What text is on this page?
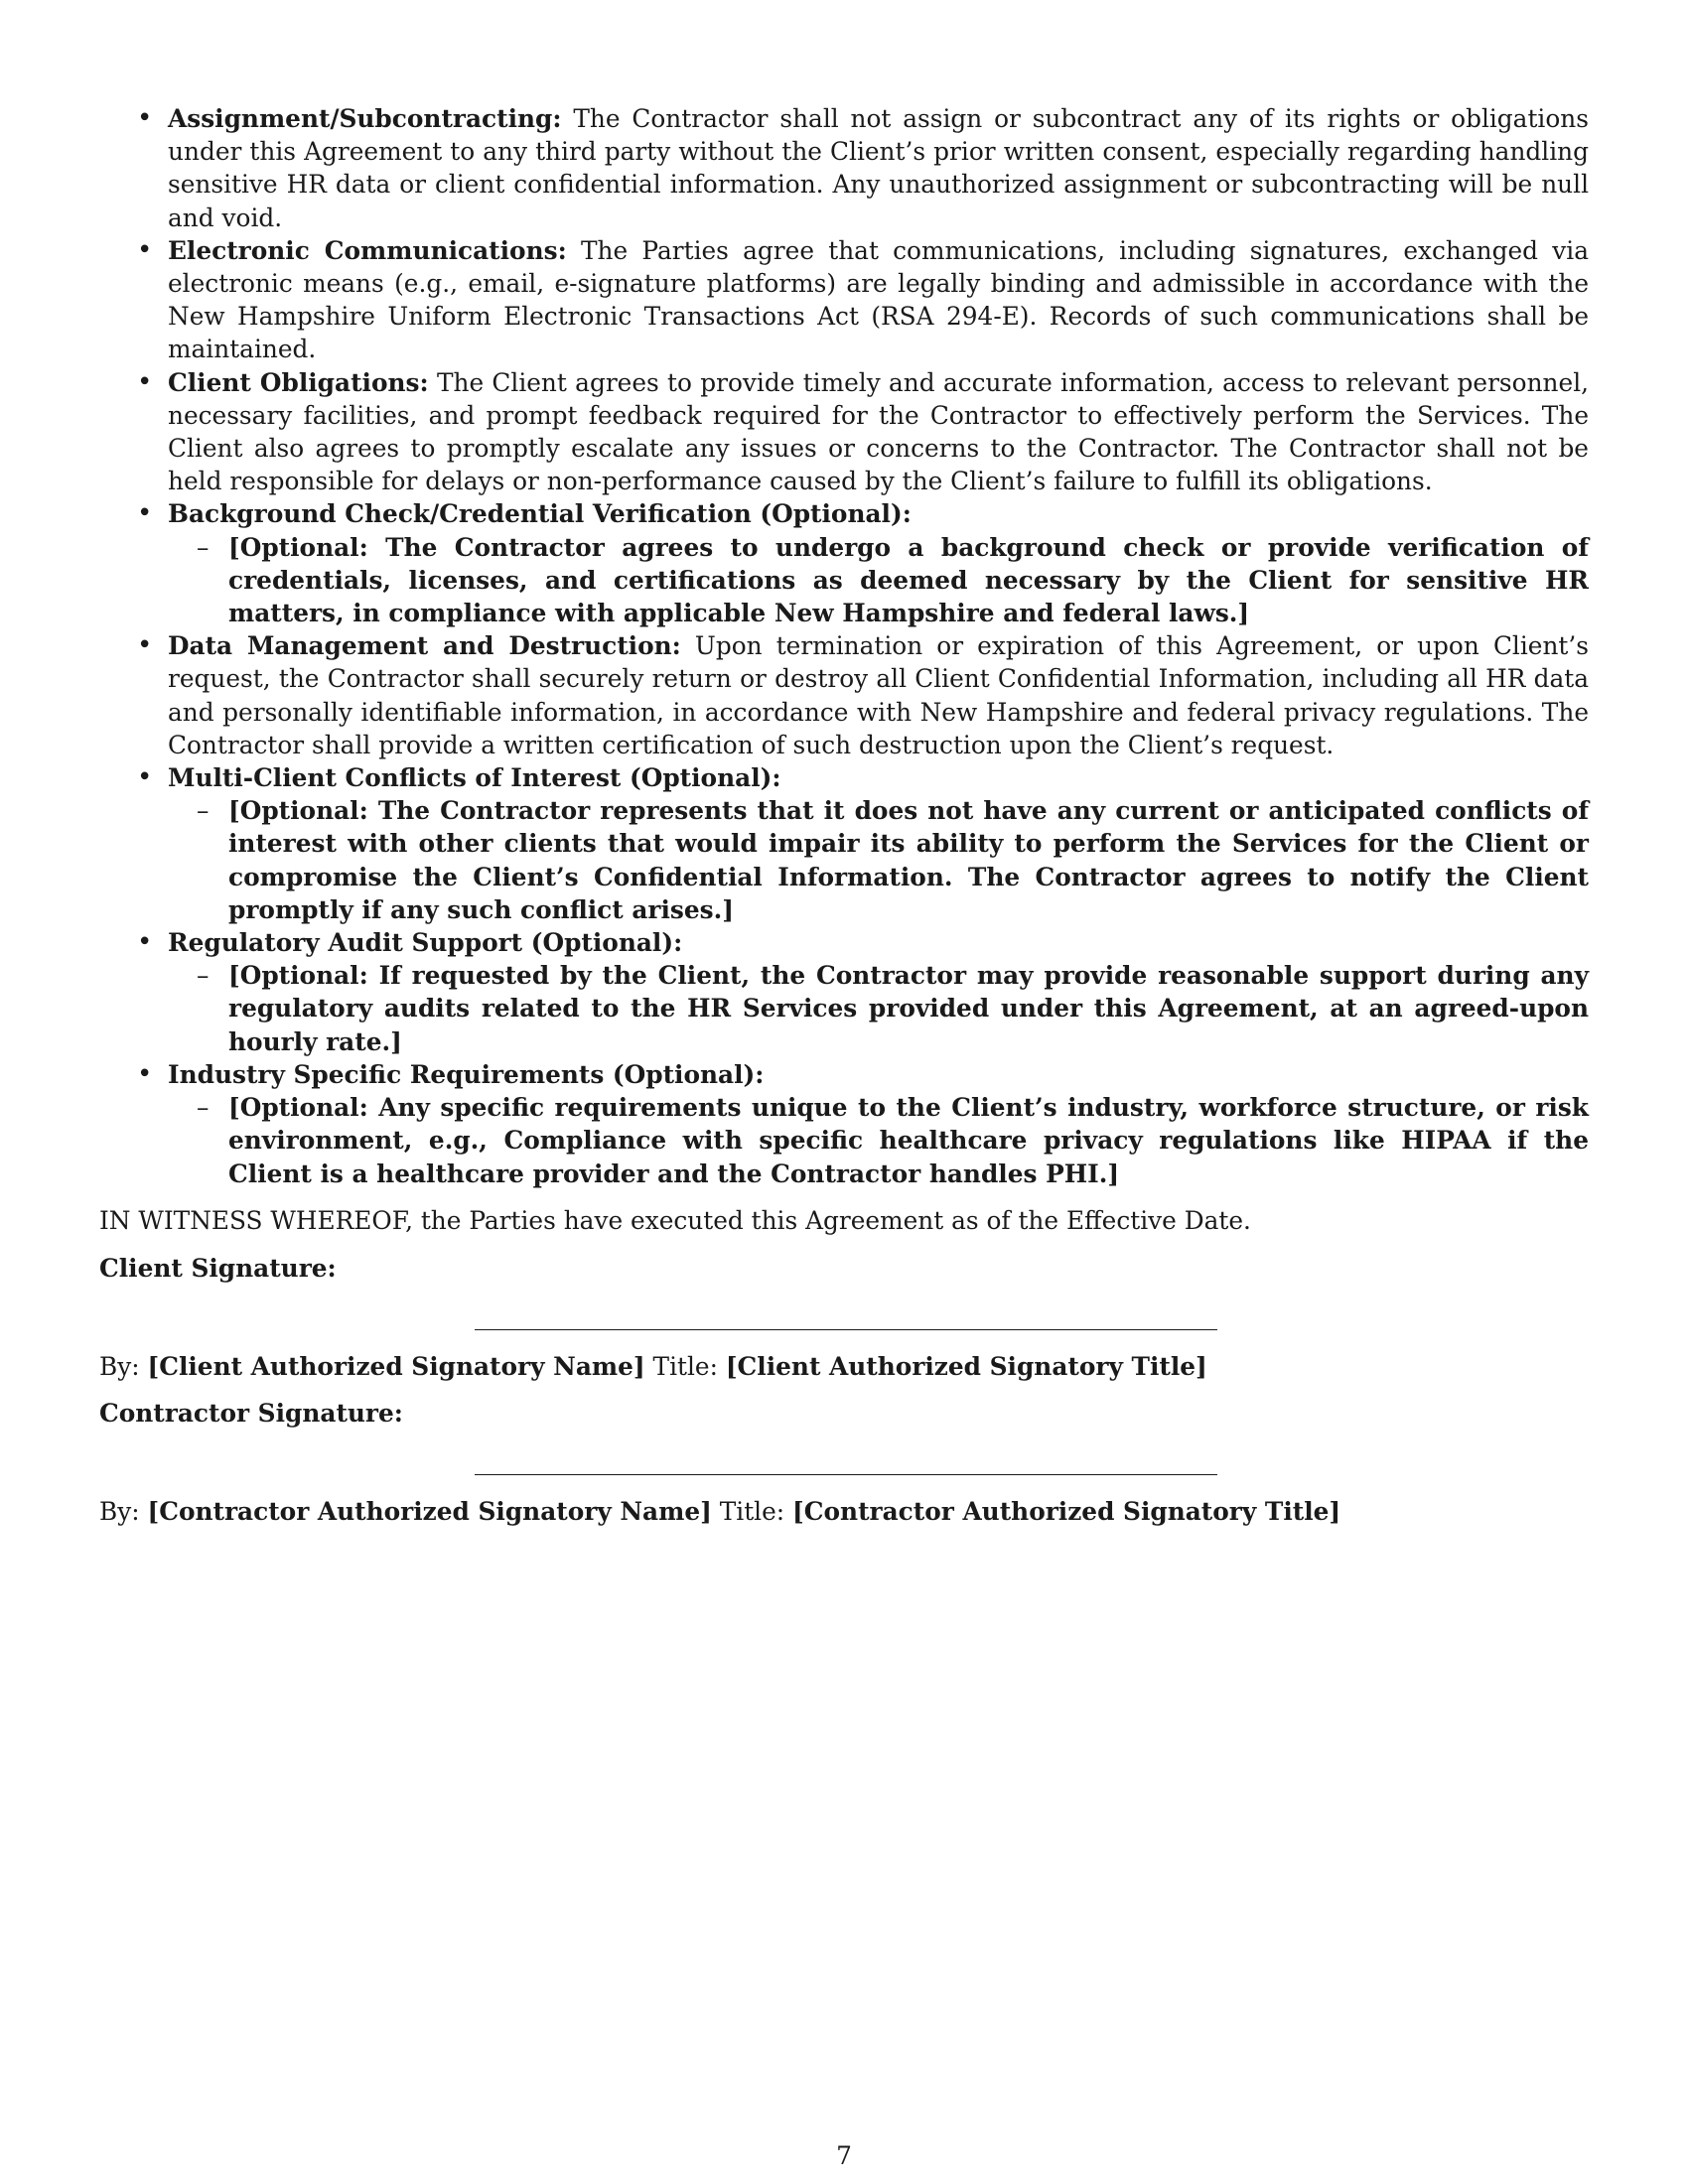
• Assignment/Subcontracting: The Contractor shall not assign or subcontract any of its rights or obligations under this Agreement to any third party without the Client’s prior written consent, especially regarding handling sensitive HR data or client confidential information. Any unauthorized assignment or subcontracting will be null and void.
• Electronic Communications: The Parties agree that communications, including signatures, exchanged via electronic means (e.g., email, e-signature platforms) are legally binding and admissible in accordance with the New Hampshire Uniform Electronic Transactions Act (RSA 294-E). Records of such communications shall be maintained.
• Client Obligations: The Client agrees to provide timely and accurate information, access to relevant personnel, necessary facilities, and prompt feedback required for the Contractor to effectively perform the Services. The Client also agrees to promptly escalate any issues or concerns to the Contractor. The Contractor shall not be held responsible for delays or non-performance caused by the Client’s failure to fulfill its obligations.
• Background Check/Credential Verification (Optional):
– [Optional: The Contractor agrees to undergo a background check or provide verification of credentials, licenses, and certifications as deemed necessary by the Client for sensitive HR matters, in compliance with applicable New Hampshire and federal laws.]
• Data Management and Destruction: Upon termination or expiration of this Agreement, or upon Client’s request, the Contractor shall securely return or destroy all Client Confidential Information, including all HR data and personally identifiable information, in accordance with New Hampshire and federal privacy regulations. The Contractor shall provide a written certification of such destruction upon the Client’s request.
• Multi-Client Conflicts of Interest (Optional):
– [Optional: The Contractor represents that it does not have any current or anticipated conflicts of interest with other clients that would impair its ability to perform the Services for the Client or compromise the Client’s Confidential Information. The Contractor agrees to notify the Client promptly if any such conflict arises.]
• Regulatory Audit Support (Optional):
– [Optional: If requested by the Client, the Contractor may provide reasonable support during any regulatory audits related to the HR Services provided under this Agreement, at an agreed-upon hourly rate.]
• Industry Specific Requirements (Optional):
– [Optional: Any specific requirements unique to the Client’s industry, workforce structure, or risk environment, e.g., Compliance with specific healthcare privacy regulations like HIPAA if the Client is a healthcare provider and the Contractor handles PHI.]

IN WITNESS WHEREOF, the Parties have executed this Agreement as of the Effective Date.

Client Signature:
By: [Client Authorized Signatory Name] Title: [Client Authorized Signatory Title]
Contractor Signature:
By: [Contractor Authorized Signatory Name] Title: [Contractor Authorized Signatory Title]
7
